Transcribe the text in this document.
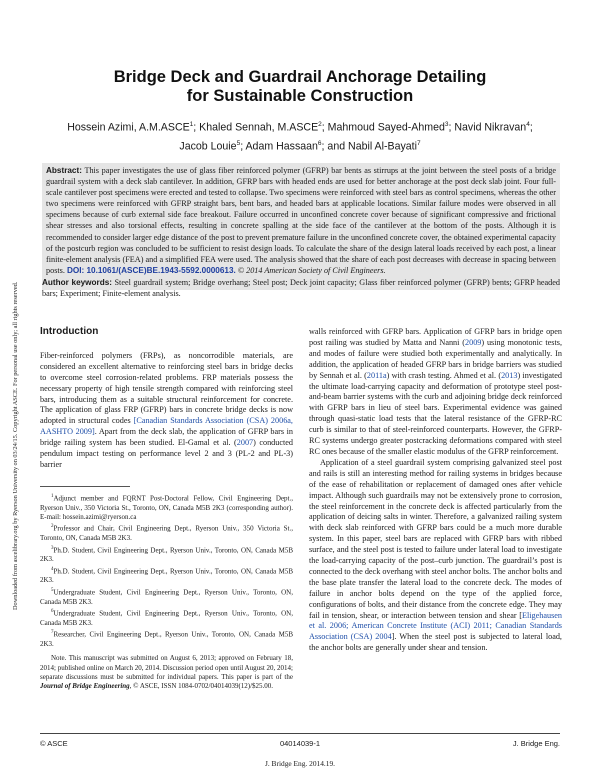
Downloaded from ascelibrary.org by Ryerson University on 03/24/15. Copyright ASCE. For personal use only; all rights reserved.
Bridge Deck and Guardrail Anchorage Detailing
for Sustainable Construction
Hossein Azimi, A.M.ASCE$^1$; Khaled Sennah, M.ASCE$^2$; Mahmoud Sayed-Ahmed$^3$; Navid Nikravan$^4$;
Jacob Louie$^5$; Adam Hassaan$^6$; and Nabil Al-Bayati$^7$
Abstract: This paper investigates the use of glass fiber reinforced polymer (GFRP) bar bents as stirrups at the joint between the steel posts of a bridge guardrail system with a deck slab cantilever. In addition, GFRP bars with headed ends are used for better anchorage at the post deck slab joint. Four full-scale cantilever post specimens were erected and tested to collapse. Two specimens were reinforced with steel bars as control specimens, whereas the other two specimens were reinforced with GFRP straight bars, bent bars, and headed bars at applicable locations. Similar failure modes were observed in all specimens because of curb external side face breakout. Failure occurred in unconfined concrete cover because of significant compressive and frictional shear stresses and also torsional effects, resulting in concrete spalling at the side face of the cantilever at the bottom of the posts. Although it is recommended to consider larger edge distance of the post to prevent premature failure in the unconfined concrete cover, the obtained experimental capacity of the postcurb region was concluded to be sufficient to resist design loads. To calculate the share of the design lateral loads received by each post, a linear finite-element analysis (FEA) and a simplified FEA were used. The analysis showed that the share of each post decreases with decrease in spacing between posts. DOI: 10.1061/(ASCE)BE.1943-5592.0000613. © 2014 American Society of Civil Engineers.
Author keywords: Steel guardrail system; Bridge overhang; Steel post; Deck joint capacity; Glass fiber reinforced polymer (GFRP) bents; GFRP headed bars; Experiment; Finite-element analysis.
Introduction

Fiber-reinforced polymers (FRPs), as noncorrodible materials, are considered an excellent alternative to reinforcing steel bars in bridge decks to overcome steel corrosion-related problems. FRP materials possess the necessary property of high tensile strength compared with reinforcing steel bars, introducing them as a suitable structural reinforcement for concrete. The application of glass FRP (GFRP) bars in concrete bridge decks is now adopted in structural codes [Canadian Standards Association (CSA) 2006a, AASHTO 2009]. Apart from the deck slab, the application of GFRP bars in bridge railing system has been studied. El-Gamal et al. (2007) conducted pendulum impact testing on performance level 2 and 3 (PL-2 and PL-3) barrier

$^1$Adjunct member and FQRNT Post-Doctoral Fellow, Civil Engineering Dept., Ryerson Univ., 350 Victoria St., Toronto, ON, Canada M5B 2K3 (corresponding author). E-mail: hossein.azimi@ryerson.ca

$^2$Professor and Chair, Civil Engineering Dept., Ryerson Univ., 350 Victoria St., Toronto, ON, Canada M5B 2K3.

$^3$Ph.D. Student, Civil Engineering Dept., Ryerson Univ., Toronto, ON, Canada M5B 2K3.

$^4$Ph.D. Student, Civil Engineering Dept., Ryerson Univ., Toronto, ON, Canada M5B 2K3.

$^5$Undergraduate Student, Civil Engineering Dept., Ryerson Univ., Toronto, ON, Canada M5B 2K3.

$^6$Undergraduate Student, Civil Engineering Dept., Ryerson Univ., Toronto, ON, Canada M5B 2K3.

$^7$Researcher, Civil Engineering Dept., Ryerson Univ., Toronto, ON, Canada M5B 2K3.

Note. This manuscript was submitted on August 6, 2013; approved on February 18, 2014; published online on March 20, 2014. Discussion period open until August 20, 2014; separate discussions must be submitted for individual papers. This paper is part of the Journal of Bridge Engineering, © ASCE, ISSN 1084-0702/04014039(12)/$25.00.

walls reinforced with GFRP bars. Application of GFRP bars in bridge open post railing was studied by Matta and Nanni (2009) using monotonic tests, and modes of failure were studied both experimentally and analytically. In addition, the application of headed GFRP bars in bridge barriers was studied by Sennah et al. (2011a) with crash testing. Ahmed et al. (2013) investigated the ultimate load-carrying capacity and deformation of prototype steel post-and-beam barrier systems with the curb and adjoining bridge deck reinforced with GFRP bars in lieu of steel bars. Experimental evidence was gained through quasi-static load tests that the lateral resistance of the GFRP-RC curb is similar to that of steel-reinforced counterparts. However, the GFRP-RC systems undergo greater postcracking deformations compared with steel RC ones because of the smaller elastic modulus of the GFRP reinforcement.

Application of a steel guardrail system comprising galvanized steel post and rails is still an interesting method for railing systems in bridges because of the ease of rehabilitation or replacement of damaged ones after vehicle impact. Although such guardrails may not be extensively prone to corrosion, the steel reinforcement in the concrete deck is affected particularly from the application of deicing salts in winter. Therefore, a galvanized railing system with deck slab reinforced with GFRP bars could be a much more durable system. In this paper, steel bars are replaced with GFRP bars with ribbed surface, and the steel post is tested to failure under lateral load to investigate the load-carrying capacity of the post–curb junction. The guardrail’s post is connected to the deck overhang with steel anchor bolts. The anchor bolts and the base plate transfer the lateral load to the concrete deck. The modes of failure in anchor bolts depend on the type of the applied force, configurations of bolts, and their distance from the concrete edge. They may fail in tension, shear, or interaction between tension and shear [Eligehausen et al. 2006; American Concrete Institute (ACI) 2011; Canadian Standards Association (CSA) 2004]. When the steel post is subjected to lateral load, the anchor bolts are generally under shear and tension.

© ASCE	04014039-1	J. Bridge Eng.
J. Bridge Eng. 2014.19.
